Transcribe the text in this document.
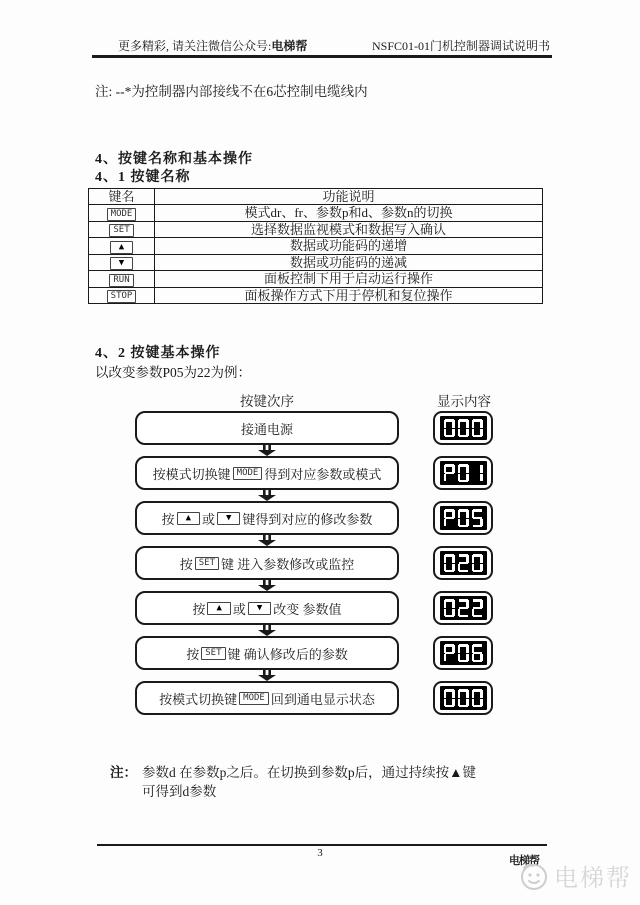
更多精彩, 请关注微信公众号:电梯帮	NSFC01-01门机控制器调试说明书
注: --*为控制器内部接线不在6芯控制电缆线内
4、按键名称和基本操作
4、1 按键名称
键名	功能说明
MODE	模式dr、fr、参数p和d、参数n的切换
SET	选择数据监视模式和数据写入确认
▲	数据或功能码的递增
▼	数据或功能码的递减
RUN	面板控制下用于启动运行操作
STOP	面板操作方式下用于停机和复位操作
4、2 按键基本操作
以改变参数P05为22为例：
按键次序	显示内容
接通电源
按模式切换键 MODE 得到对应参数或模式
按	▲ 或	▼ 键得到对应的修改参数
按 SET 键 进入参数修改或监控
按	▲ 或	▼ 改变 参数值
按 SET 键 确认修改后的参数
按模式切换键 MODE 回到通电显示状态
注： 参数d 在参数p之后。在切换到参数p后，通过持续按▲键
可得到d参数
3
电梯帮
电梯帮
